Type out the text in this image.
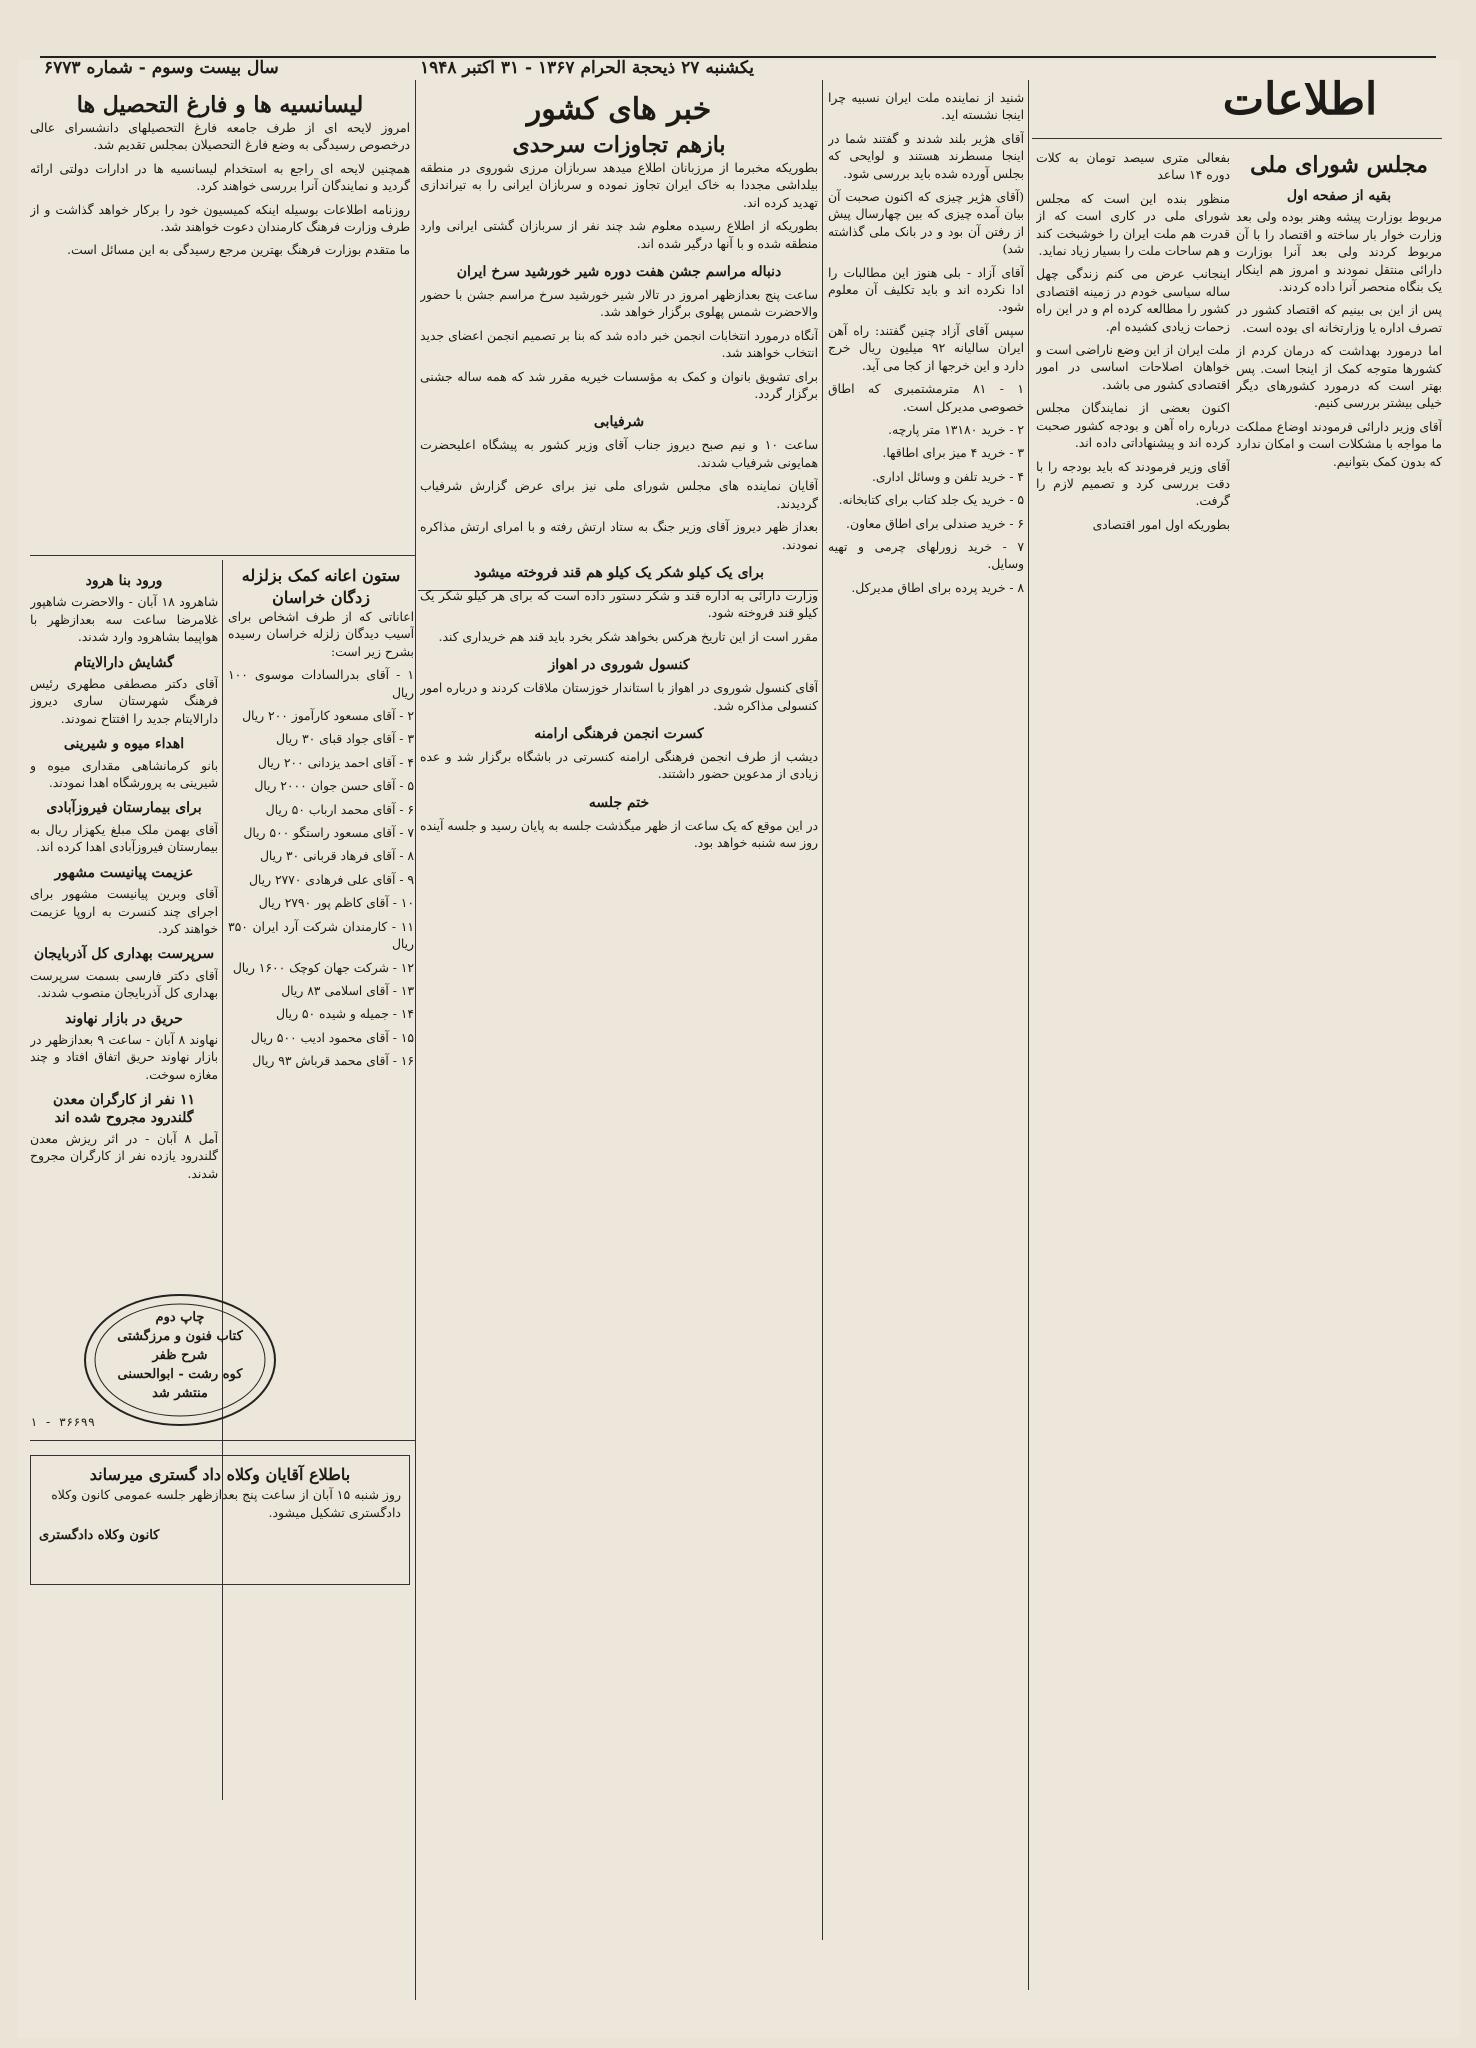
اطلاعات
یکشنبه ۲۷ ذیحجة الحرام ۱۳۶۷ - ۳۱ اکتبر ۱۹۴۸
سال بیست وسوم - شماره ۶۷۷۳
مجلس شورای ملی
بقیه از صفحه اول

مربوط بوزارت پیشه وهنر بوده ولی بعد وزارت خوار بار ساخته و اقتصاد را با آن مربوط کردند ولی بعد آنرا بوزارت دارائی منتقل نمودند و امروز هم اینکار یک بنگاه منحصر آنرا داده کردند.

پس از این بی بینیم که اقتصاد کشور در تصرف اداره یا وزارتخانه ای بوده است.

اما درمورد بهداشت که درمان کردم از کشورها متوجه کمک از اینجا است. پس بهتر است که درمورد کشورهای دیگر خیلی بیشتر بررسی کنیم.

آقای وزیر دارائی فرمودند اوضاع مملکت ما مواجه با مشکلات است و امکان ندارد که بدون کمک بتوانیم.

بفعالی متری سیصد تومان به کلات دوره ۱۴ ساعد

منظور بنده این است که مجلس شورای ملی در کاری است که از قدرت هم ملت ایران را خوشبخت کند و هم ساحات ملت را بسیار زیاد نماید.

اینجانب عرض می کنم زندگی چهل ساله سیاسی خودم در زمینه اقتصادی کشور را مطالعه کرده ام و در این راه زحمات زیادی کشیده ام.

ملت ایران از این وضع ناراضی است و خواهان اصلاحات اساسی در امور اقتصادی کشور می باشد.

اکنون بعضی از نمایندگان مجلس درباره راه آهن و بودجه کشور صحبت کرده اند و پیشنهاداتی داده اند.

آقای وزیر فرمودند که باید بودجه را با دقت بررسی کرد و تصمیم لازم را گرفت.

بطوریکه اول امور اقتصادی

شنید از نماینده ملت ایران نسبیه چرا اینجا نشسته اید.

آقای هژیر بلند شدند و گفتند شما در اینجا مسطرند هستند و لوایحی که بجلس آورده شده باید بررسی شود.

(آقای هژیر چیزی که اکنون صحبت آن بیان آمده چیزی که بین چهارسال پیش از رفتن آن بود و در بانک ملی گذاشته شد)

آقای آزاد - بلی هنوز این مطالبات را ادا نکرده اند و باید تکلیف آن معلوم شود.

سپس آقای آزاد چنین گفتند: راه آهن ایران سالیانه ۹۲ میلیون ریال خرج دارد و این خرجها از کجا می آید.

۱ - ۸۱ مترمشتمبری که اطاق خصوصی مدیرکل است.

۲ - خرید ۱۳۱۸۰ متر پارچه.

۳ - خرید ۴ میز برای اطاقها.

۴ - خرید تلفن و وسائل اداری.

۵ - خرید یک جلد کتاب برای کتابخانه.

۶ - خرید صندلی برای اطاق معاون.

۷ - خرید زورلهای چرمی و تهیه وسایل.

۸ - خرید پرده برای اطاق مدیرکل.

خبر های کشور
بازهم تجاوزات سرحدی

بطوریکه مخبرما از مرزبانان اطلاع میدهد سربازان مرزی شوروی در منطقه بیلداشی مجددا به خاک ایران تجاوز نموده و سربازان ایرانی را به تیراندازی تهدید کرده اند.

بطوریکه از اطلاع رسیده معلوم شد چند نفر از سربازان گشتی ایرانی وارد منطقه شده و با آنها درگیر شده اند.

دنباله مراسم جشن هفت دوره شیر خورشید سرخ ایران

ساعت پنج بعدازظهر امروز در تالار شیر خورشید سرخ مراسم جشن با حضور والاحضرت شمس پهلوی برگزار خواهد شد.

آنگاه درمورد انتخابات انجمن خبر داده شد که بنا بر تصمیم انجمن اعضای جدید انتخاب خواهند شد.

برای تشویق بانوان و کمک به مؤسسات خیریه مقرر شد که همه ساله جشنی برگزار گردد.

شرفیابی

ساعت ۱۰ و نیم صبح دیروز جناب آقای وزیر کشور به پیشگاه اعلیحضرت همایونی شرفیاب شدند.

آقایان نماینده های مجلس شورای ملی نیز برای عرض گزارش شرفیاب گردیدند.

بعداز ظهر دیروز آقای وزیر جنگ به ستاد ارتش رفته و با امرای ارتش مذاکره نمودند.

برای یک کیلو شکر یک کیلو هم قند فروخته میشود

وزارت دارائی به اداره قند و شکر دستور داده است که برای هر کیلو شکر یک کیلو قند فروخته شود.

مقرر است از این تاریخ هرکس بخواهد شکر بخرد باید قند هم خریداری کند.

کنسول شوروی در اهواز

آقای کنسول شوروی در اهواز با استاندار خوزستان ملاقات کردند و درباره امور کنسولی مذاکره شد.

کسرت انجمن فرهنگی ارامنه

دیشب از طرف انجمن فرهنگی ارامنه کنسرتی در باشگاه برگزار شد و عده زیادی از مدعوین حضور داشتند.

ختم جلسه

در این موقع که یک ساعت از ظهر میگذشت جلسه به پایان رسید و جلسه آینده روز سه شنبه خواهد بود.

لیسانسیه ها و فارغ التحصیل ها

امروز لایحه ای از طرف جامعه فارغ التحصیلهای دانشسرای عالی درخصوص رسیدگی به وضع فارغ التحصیلان بمجلس تقدیم شد.

همچنین لایحه ای راجع به استخدام لیسانسیه ها در ادارات دولتی ارائه گردید و نمایندگان آنرا بررسی خواهند کرد.

روزنامه اطلاعات بوسیله اینکه کمیسیون خود را برکار خواهد گذاشت و از طرف وزارت فرهنگ کارمندان دعوت خواهند شد.

ما متقدم بوزارت فرهنگ بهترین مرجع رسیدگی به این مسائل است.

ورود بنا هرود

شاهرود ۱۸ آبان - والاحضرت شاهپور غلامرضا ساعت سه بعدازظهر با هواپیما بشاهرود وارد شدند.

گشایش دارالایتام

آقای دکتر مصطفی مطهری رئیس فرهنگ شهرستان ساری دیروز دارالایتام جدید را افتتاح نمودند.

اهداء میوه و شیرینی

بانو کرمانشاهی مقداری میوه و شیرینی به پرورشگاه اهدا نمودند.

برای بیمارستان فیروزآبادی

آقای بهمن ملک مبلغ یکهزار ریال به بیمارستان فیروزآبادی اهدا کرده اند.

عزیمت پیانیست مشهور

آقای وبرین پیانیست مشهور برای اجرای چند کنسرت به اروپا عزیمت خواهند کرد.

سرپرست بهداری کل آذربایجان

آقای دکتر فارسی بسمت سرپرست بهداری کل آذربایجان منصوب شدند.

حریق در بازار نهاوند

نهاوند ۸ آبان - ساعت ۹ بعدازظهر در بازار نهاوند حریق اتفاق افتاد و چند مغازه سوخت.

۱۱ نفر از کارگران معدن گلندرود مجروح شده اند

آمل ۸ آبان - در اثر ریزش معدن گلندرود یازده نفر از کارگران مجروح شدند.

ستون اعانه کمک بزلزله زدگان خراسان

اعاناتی که از طرف اشخاص برای آسیب دیدگان زلزله خراسان رسیده بشرح زیر است:

۱ - آقای بدرالسادات موسوی ۱۰۰ ریال

۲ - آقای مسعود کارآموز ۲۰۰ ریال

۳ - آقای جواد قبای ۳۰ ریال

۴ - آقای احمد یزدانی ۲۰۰ ریال

۵ - آقای حسن جوان ۲۰۰۰ ریال

۶ - آقای محمد ارباب ۵۰ ریال

۷ - آقای مسعود راستگو ۵۰۰ ریال

۸ - آقای فرهاد قربانی ۳۰ ریال

۹ - آقای علی فرهادی ۲۷۷۰ ریال

۱۰ - آقای کاظم پور ۲۷۹۰ ریال

۱۱ - کارمندان شرکت آرد ایران ۳۵۰ ریال

۱۲ - شرکت جهان کوچک ۱۶۰۰ ریال

۱۳ - آقای اسلامی ۸۳ ریال

۱۴ - جمیله و شیده ۵۰ ریال

۱۵ - آقای محمود ادیب ۵۰۰ ریال

۱۶ - آقای محمد قرباش ۹۳ ریال

چاپ دوم
کتاب فنون و مرزگشتی
شرح ظفر
کوه رشت - ابوالحسنی
منتشر شد
۳۶۶۹۹ - ۱
باطلاع آقایان وکلاه داد گستری میرساند

روز شنبه ۱۵ آبان از ساعت پنج بعدازظهر جلسه عمومی کانون وکلاه دادگستری تشکیل میشود.

کانون وکلاه دادگستری
